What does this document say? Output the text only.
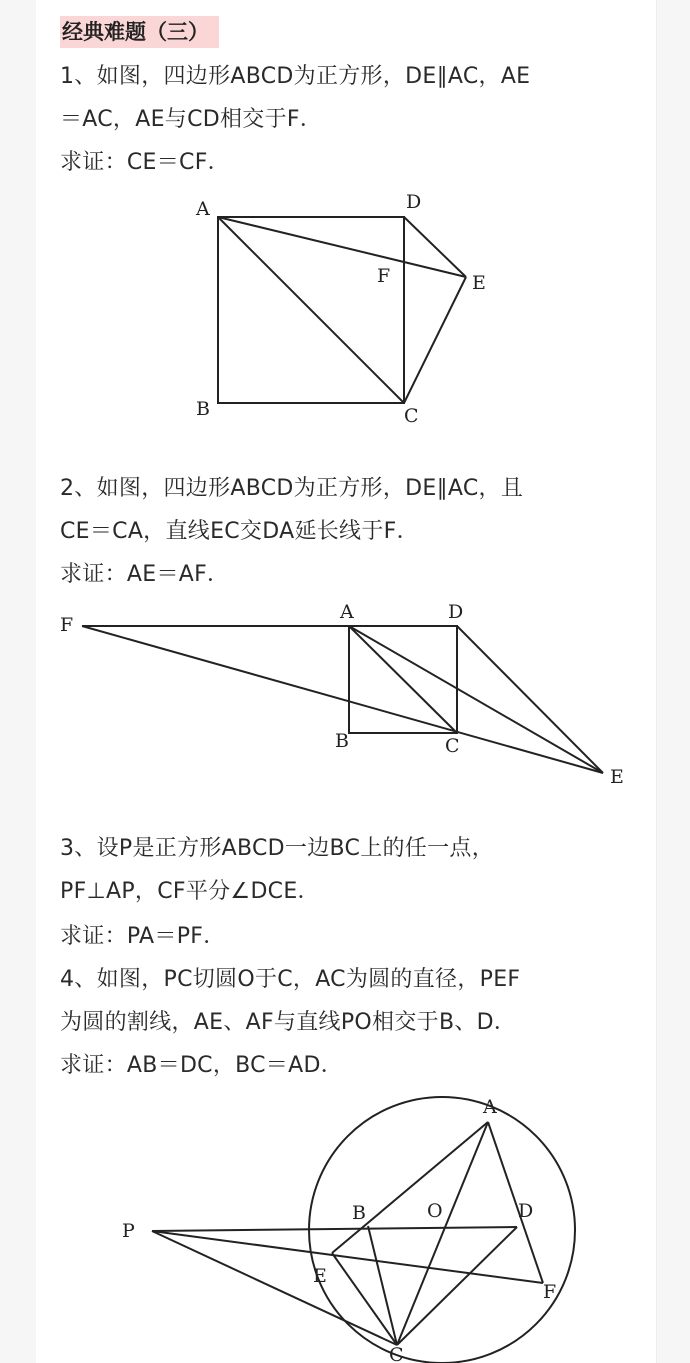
经典难题（三）
1、如图，四边形ABCD为正方形，DE∥AC，AE
＝AC，AE与CD相交于F．
求证：CE＝CF．
A	D
F	E
B	C
2、如图，四边形ABCD为正方形，DE∥AC，且
CE＝CA，直线EC交DA延长线于F．
求证：AE＝AF．
F
A	D
B	C
E
3、设P是正方形ABCD一边BC上的任一点，
PF⊥AP，CF平分∠DCE．
求证：PA＝PF．
4、如图，PC切圆O于C，AC为圆的直径，PEF
为圆的割线，AE、AF与直线PO相交于B、D．
求证：AB＝DC，BC＝AD．
A
B	O	D
P
E
F
C
